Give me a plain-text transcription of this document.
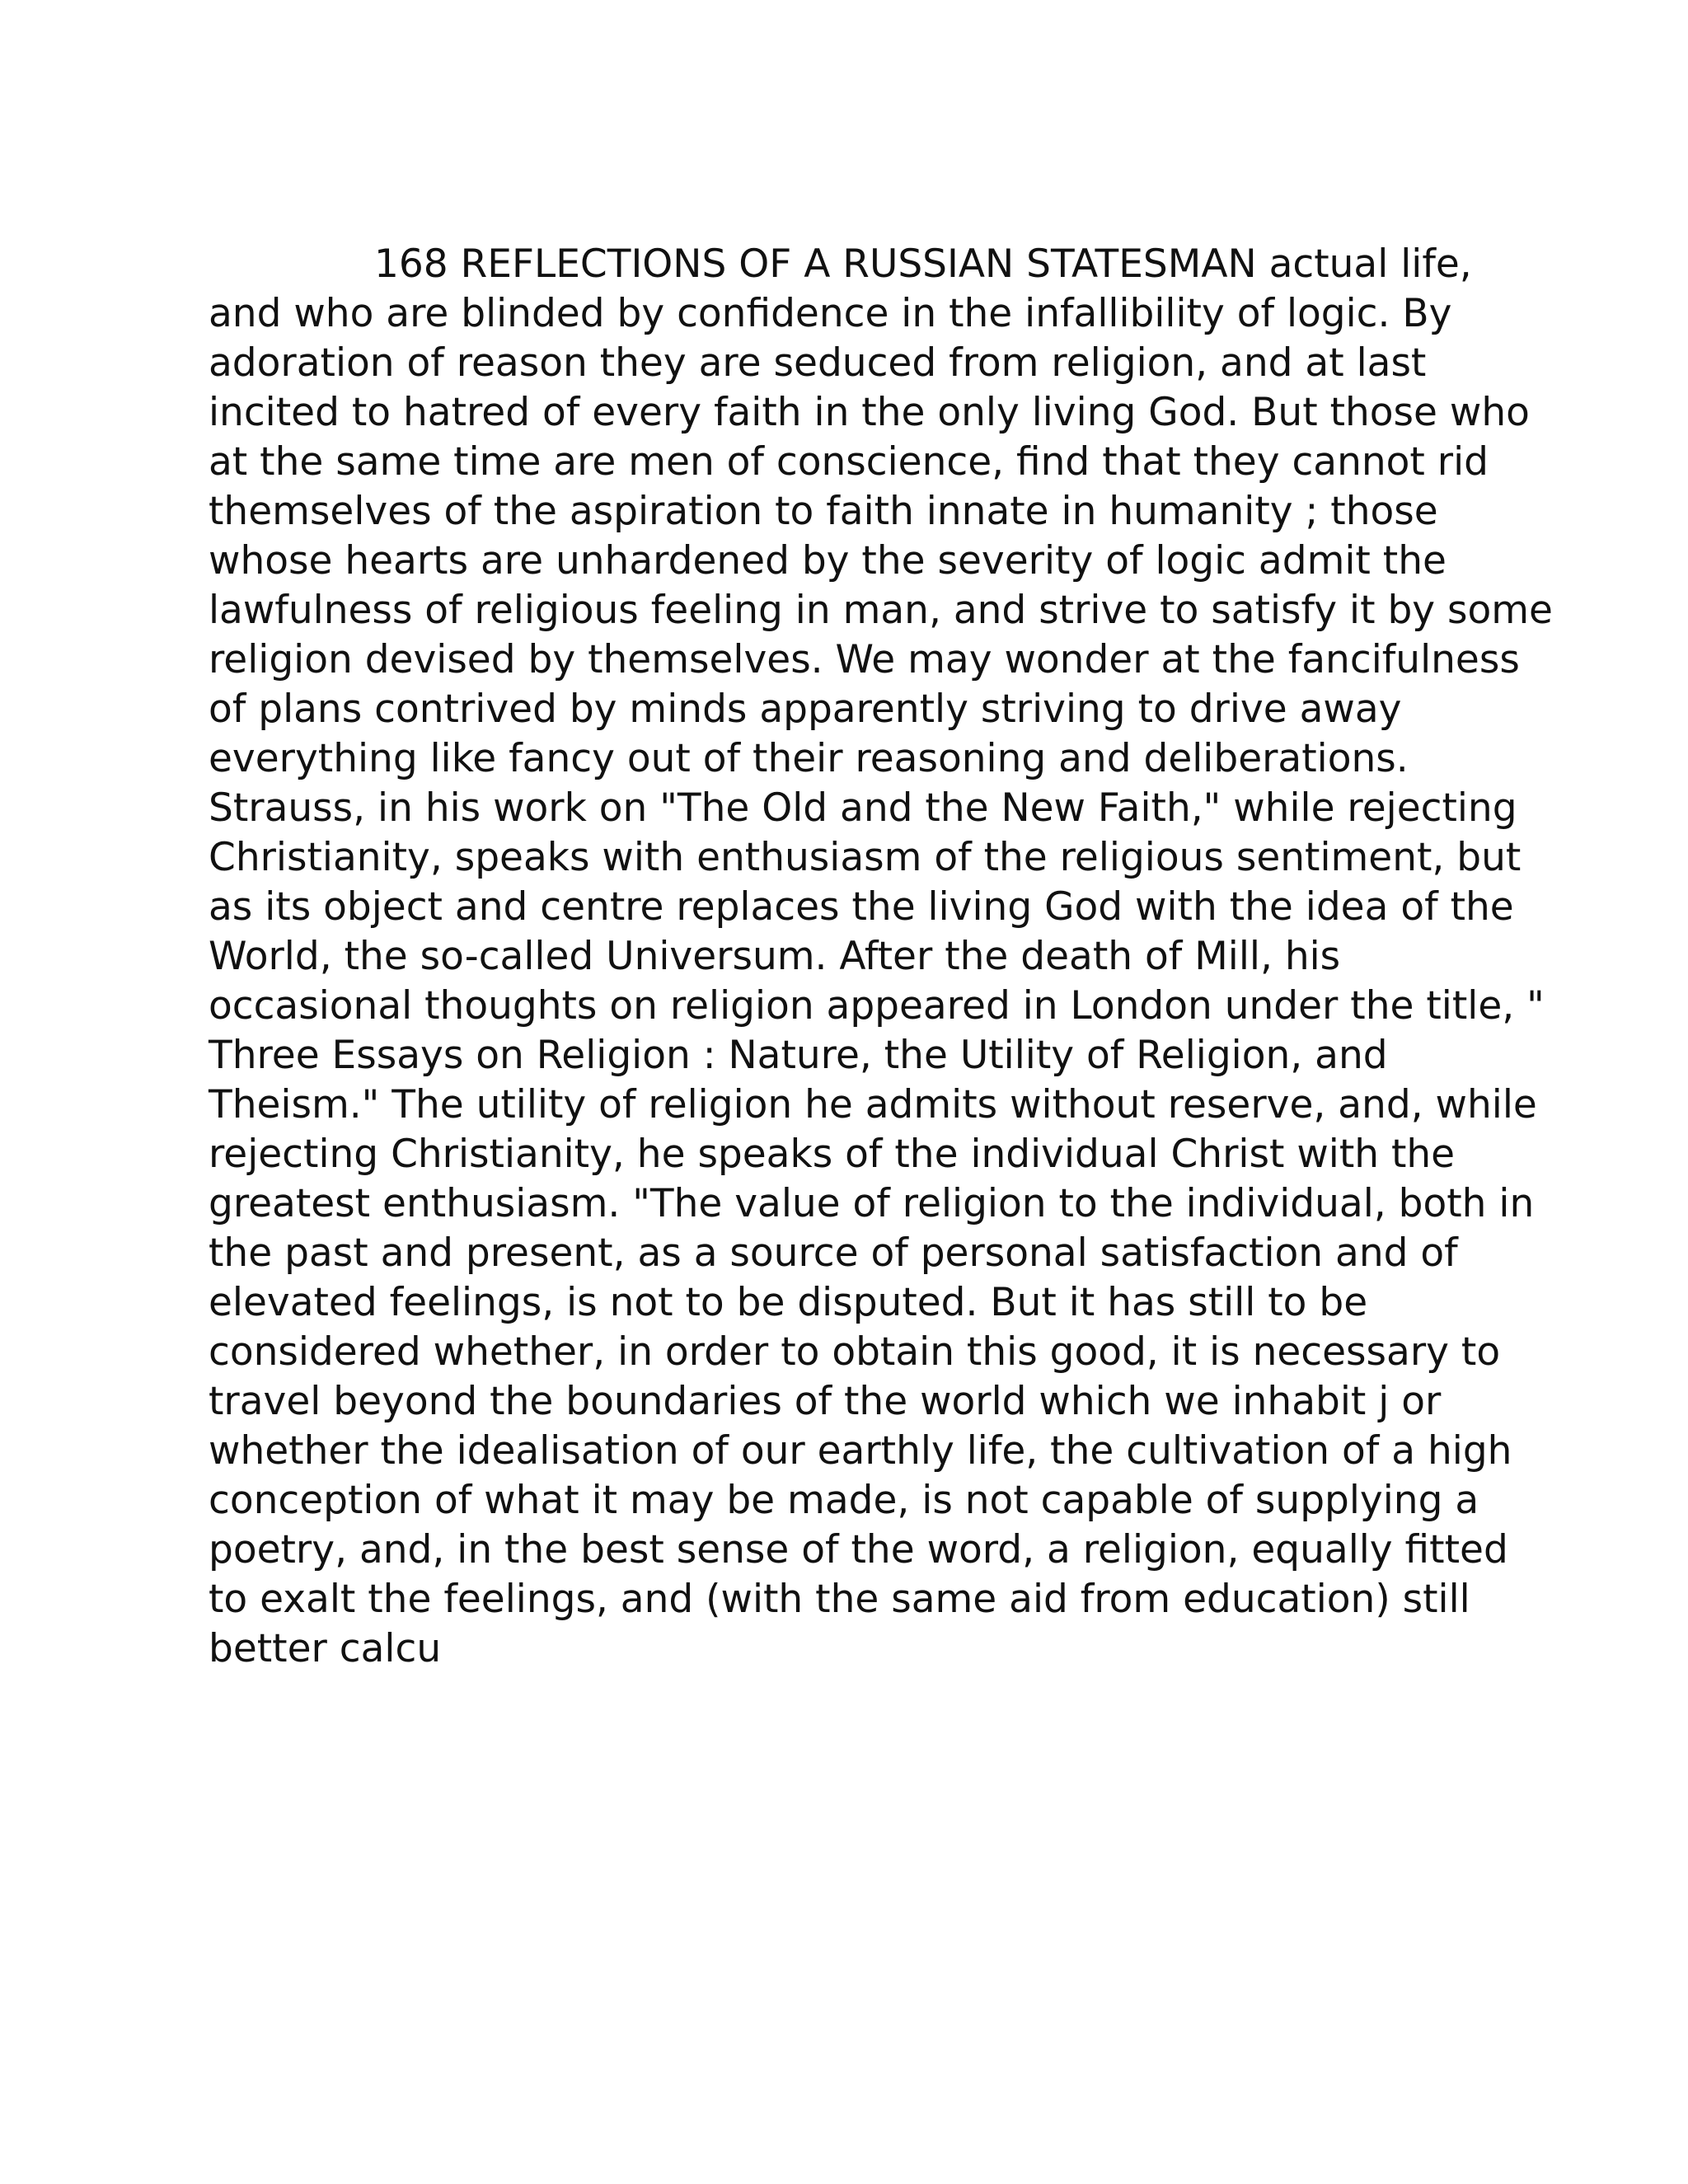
168 REFLECTIONS OF A RUSSIAN STATESMAN actual life,
and who are blinded by confidence in the infallibility of logic. By
adoration of reason they are seduced from religion, and at last
incited to hatred of every faith in the only living God. But those who
at the same time are men of conscience, find that they cannot rid
themselves of the aspiration to faith innate in humanity ; those
whose hearts are unhardened by the severity of logic admit the
lawfulness of religious feeling in man, and strive to satisfy it by some
religion devised by themselves. We may wonder at the fancifulness
of plans contrived by minds apparently striving to drive away
everything like fancy out of their reasoning and deliberations.
Strauss, in his work on "The Old and the New Faith," while rejecting
Christianity, speaks with enthusiasm of the religious sentiment, but
as its object and centre replaces the living God with the idea of the
World, the so-called Universum. After the death of Mill, his
occasional thoughts on religion appeared in London under the title, "
Three Essays on Religion : Nature, the Utility of Religion, and
Theism." The utility of religion he admits without reserve, and, while
rejecting Christianity, he speaks of the individual Christ with the
greatest enthusiasm. "The value of religion to the individual, both in
the past and present, as a source of personal satisfaction and of
elevated feelings, is not to be disputed. But it has still to be
considered whether, in order to obtain this good, it is necessary to
travel beyond the boundaries of the world which we inhabit j or
whether the idealisation of our earthly life, the cultivation of a high
conception of what it may be made, is not capable of supplying a
poetry, and, in the best sense of the word, a religion, equally fitted
to exalt the feelings, and (with the same aid from education) still
better calcu
